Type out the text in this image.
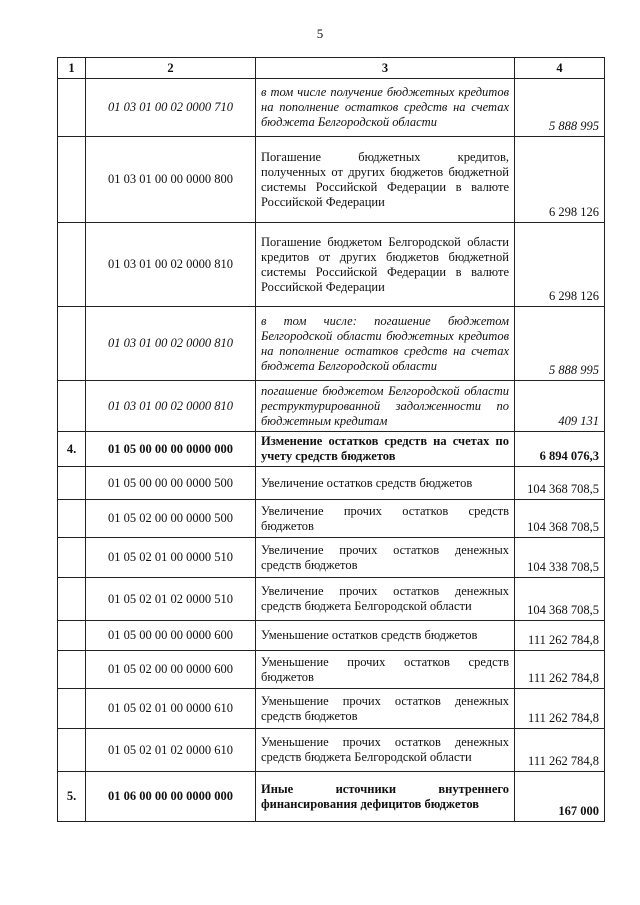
5
1	2	3	4
	01 03 01 00 02 0000 710	в том числе получение бюджетных кредитов на пополнение остатков средств на счетах бюджета Белгородской области	5 888 995
	01 03 01 00 00 0000 800	Погашение бюджетных кредитов, полученных от других бюджетов бюджетной системы Российской Федерации в валюте Российской Федерации	6 298 126
	01 03 01 00 02 0000 810	Погашение бюджетом Белгородской области кредитов от других бюджетов бюджетной системы Российской Федерации в валюте Российской Федерации	6 298 126
	01 03 01 00 02 0000 810	в том числе: погашение бюджетом Белгородской области бюджетных кредитов на пополнение остатков средств на счетах бюджета Белгородской области	5 888 995
	01 03 01 00 02 0000 810	погашение бюджетом Белгородской области реструктурированной задолженности по бюджетным кредитам	409 131
4.	01 05 00 00 00 0000 000	Изменение остатков средств на счетах по учету средств бюджетов	6 894 076,3
	01 05 00 00 00 0000 500	Увеличение остатков средств бюджетов	104 368 708,5
	01 05 02 00 00 0000 500	Увеличение прочих остатков средств бюджетов	104 368 708,5
	01 05 02 01 00 0000 510	Увеличение прочих остатков денежных средств бюджетов	104 338 708,5
	01 05 02 01 02 0000 510	Увеличение прочих остатков денежных средств бюджета Белгородской области	104 368 708,5
	01 05 00 00 00 0000 600	Уменьшение остатков средств бюджетов	111 262 784,8
	01 05 02 00 00 0000 600	Уменьшение прочих остатков средств бюджетов	111 262 784,8
	01 05 02 01 00 0000 610	Уменьшение прочих остатков денежных средств бюджетов	111 262 784,8
	01 05 02 01 02 0000 610	Уменьшение прочих остатков денежных средств бюджета Белгородской области	111 262 784,8
5.	01 06 00 00 00 0000 000	Иные источники внутреннего финансирования дефицитов бюджетов	167 000
